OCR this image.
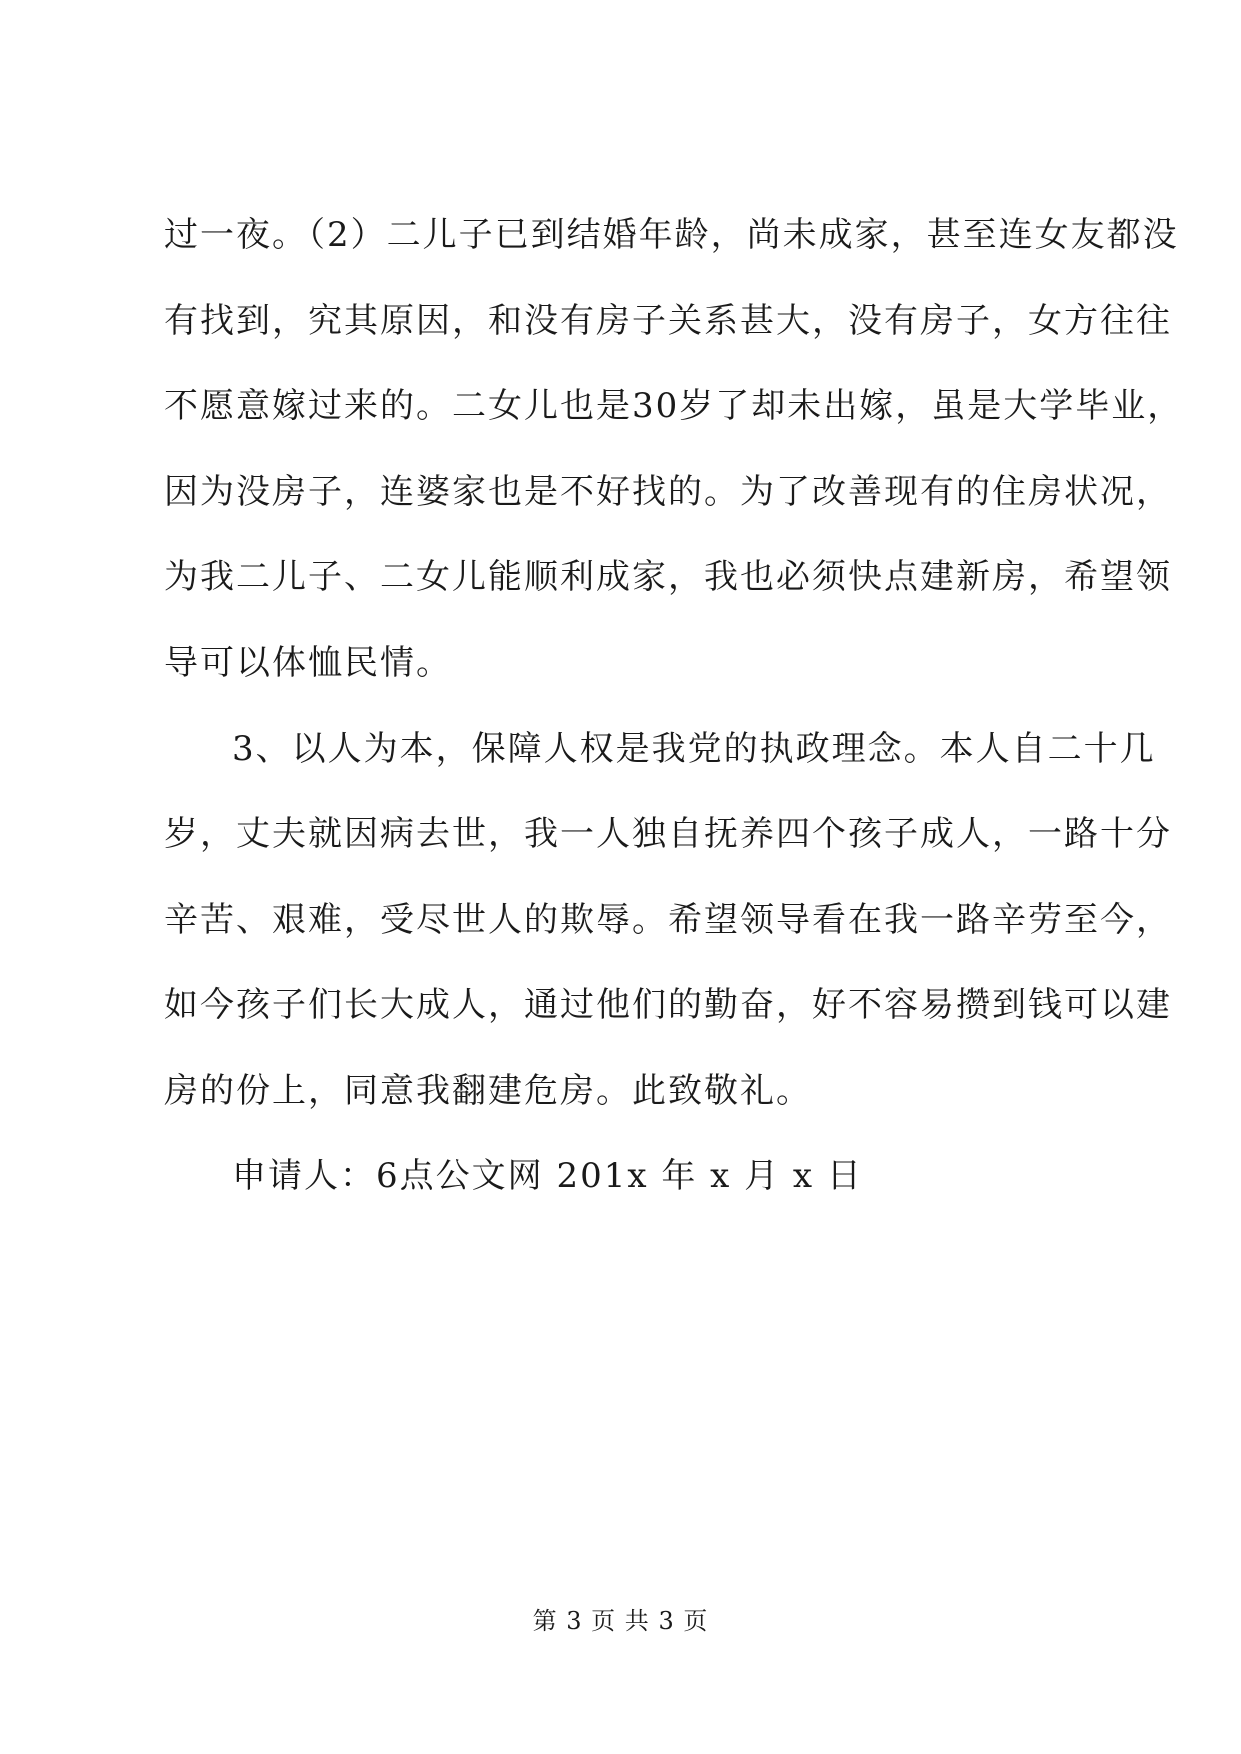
过一夜。（2）二儿子已到结婚年龄，尚未成家，甚至连女友都没
有找到，究其原因，和没有房子关系甚大，没有房子，女方往往
不愿意嫁过来的。二女儿也是30岁了却未出嫁，虽是大学毕业，
因为没房子，连婆家也是不好找的。为了改善现有的住房状况，
为我二儿子、二女儿能顺利成家，我也必须快点建新房，希望领
导可以体恤民情。
3、以人为本，保障人权是我党的执政理念。本人自二十几
岁，丈夫就因病去世，我一人独自抚养四个孩子成人，一路十分
辛苦、艰难，受尽世人的欺辱。希望领导看在我一路辛劳至今，
如今孩子们长大成人，通过他们的勤奋，好不容易攒到钱可以建
房的份上，同意我翻建危房。此致敬礼。
申请人：6点公文网 201x 年 x 月 x 日
第 3 页 共 3 页
